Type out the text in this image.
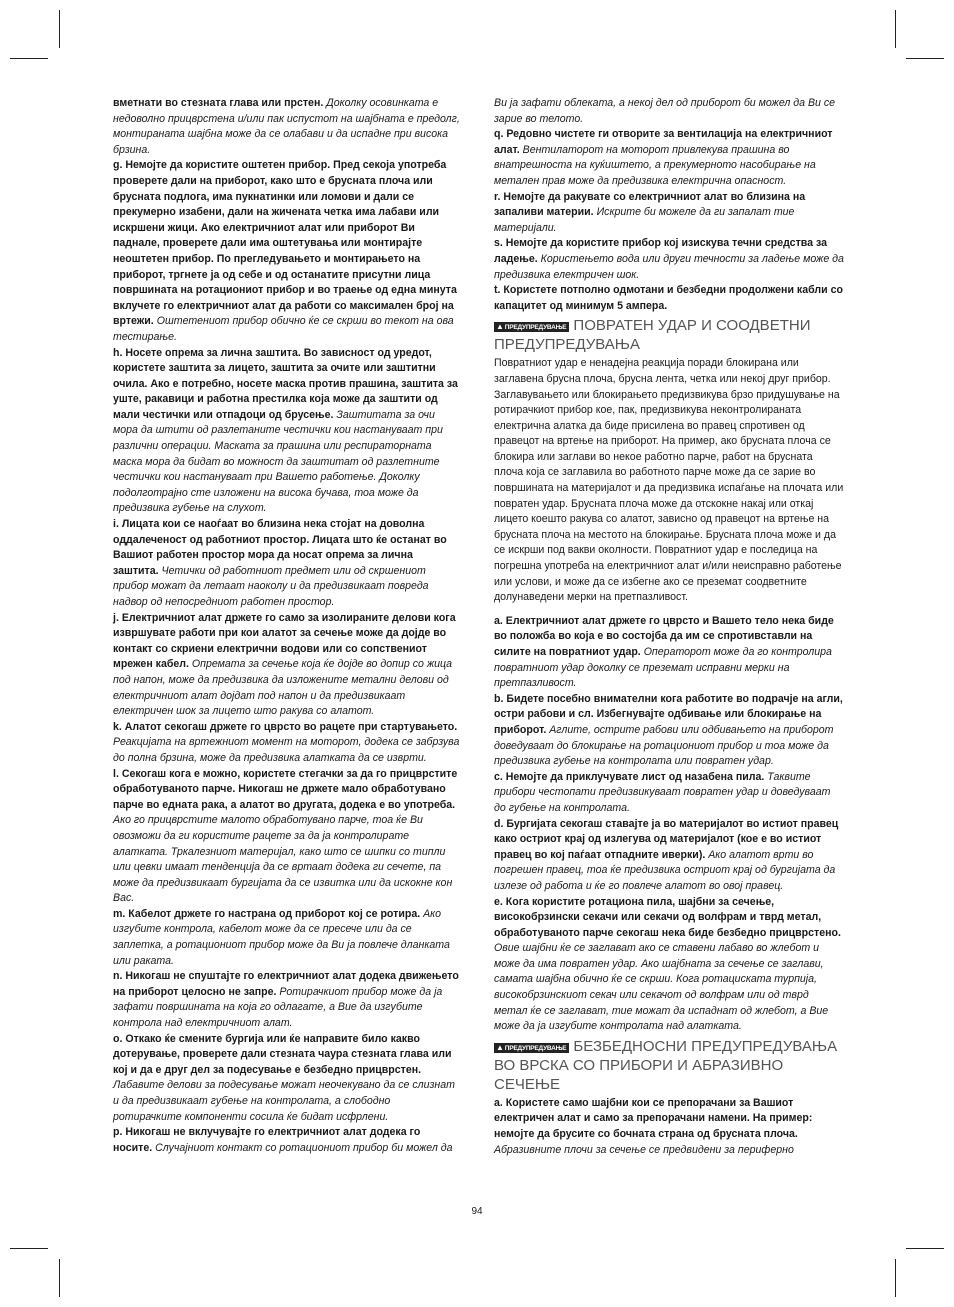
вметнати во стезната глава или прстен. Доколку осовинката е недоволно прицврстена и/или пак испустот на шајбната е предолг, монтираната шајбна може да се олабави и да испадне при висока брзина.

g. Немојте да користите оштетен прибор. Пред секоја употреба проверете дали на приборот, како што е брусната плоча или брусната подлога, има пукнатинки или ломови и дали се прекумерно изабени, дали на жичената четка има лабави или искршени жици. Ако електричниот алат или приборот Ви падналe, проверете дали има оштетувања или монтирајте неоштетен прибор. По прегледувањето и монтирањето на приборот, тргнете ја од себе и од останатите присутни лица површината на ротациониот прибор и во траење од една минута вклучете го електричниот алат да работи со максимален број на вртежи. Оштетениот прибор обично ќе се скрши во текот на ова тестирање.

h. Носете опрема за лична заштита. Во зависност од уредот, користете заштита за лицето, заштита за очите или заштитни очила. Ако е потребно, носете маска против прашина, заштита за уште, ракавици и работна престилка која може да заштити од мали честички или отпадоци од брусење. Заштитата за очи мора да штити од разлетаните честички кои настануваат при различни операции. Маската за прашина или респираторната маска мора да бидат во можност да заштитат од разлетните честички кои настануваат при Вашето работење. Доколку подолготрајно сте изложени на висока бучава, тоа може да предизвика губење на слухот.

i. Лицата кои се наоѓаат во близина нека стојат на доволна оддалеченост од работниот простор. Лицата што ќе останат во Вашиот работен простор мора да носат опрема за лична заштита. Четички од работниот предмет или од скршениот прибор можат да летаат наоколу и да предизвикаат повреда надвор од непосредниот работен простор.

j. Електричниот алат држете го само за изолираните делови кога извршувате работи при кои алатот за сечење може да дојде во контакт со скриени електрични водови или со сопствениот мрежен кабел. Опремата за сечење која ќе дојде во допир со жица под напон, може да предизвика да изложените метални делови од електричниот алат дојдат под напон и да предизвикаат електричен шок за лицето што ракува со алатот.

k. Алатот секогаш држете го цврсто во рацете при стартувањето. Реакцијата на вртежниот момент на моторот, додека се забрзува до полна брзина, може да предизвика алатката да се изврти.

l. Секогаш кога е можно, користете стегачки за да го прицврстите обработуваното парче. Никогаш не држете мало обработувано парче во едната рака, а алатот во другата, додека е во употреба. Ако го прицврстите малото обработувано парче, тоа ќе Ви овозможи да ги користите рацете за да ја контролирате алатката. Тркалезниот материјал, како што се шипки со типли или цевки имаат тенденција да се вртаат додека ги сечете, па може да предизвикаат бургијата да се извитка или да искокне кон Вас.

m. Кабелот држете го настрана од приборот кој се ротира. Ако изгубите контрола, кабелот може да се пресече или да се заплетка, а ротациониот прибор може да Ви ја повлече дланката или раката.

n. Никогаш не спуштајте го електричниот алат додека движењето на приборот целосно не запре. Ротирачкиот прибор може да ја зафати површината на која го одлагате, а Вие да изгубите контрола над електричниот алат.

o. Откако ќе смените бургија или ќе направите било какво дотерување, проверете дали стезната чаура стезната глава или кој и да е друг дел за подесување е безбедно прицврстен. Лабавите делови за подесување можат неочекувано да се слизнат и да предизвикаат губење на контролата, а слободно ротирачките компоненти сосила ќе бидат исфрлени.

p. Никогаш не вклучувајте го електричниот алат додека го носите. Случајниот контакт со ротациониот прибор би можел да

Ви ја зафати облеката, а некој дел од приборот би можел да Ви се зарие во телото.

q. Редовно чистете ги отворите за вентилација на електричниот алат. Вентилаторот на моторот привлекува прашина во внатрешноста на куќиштето, а прекумерното насобирање на метален прав може да предизвика електрична опасност.

r. Немојте да ракувате со електричниот алат во близина на запаливи материи. Искрите би можеле да ги запалат тие материјали.

s. Немојте да користите прибор кој изискува течни средства за ладење. Користењето вода или други течности за ладење може да предизвика електричен шок.

t. Користете потполно одмотани и безбедни продолжени кабли со капацитет од минимум 5 ампера.

▲ПРЕДУПРЕДУВАЊЕ ПОВРАТЕН УДАР И СООДВЕТНИ ПРЕДУПРЕДУВАЊА

Повратниот удар е ненадејна реакција поради блокирана или заглавена брусна плоча, брусна лента, четка или некој друг прибор. Заглавувањето или блокирањето предизвикува брзо придушување на ротирачкиот прибор кое, пак, предизвикува неконтролираната електрична алатка да биде присилена во правец спротивен од правецот на вртење на приборот. На пример, ако брусната плоча се блокира или заглави во некое работно парче, работ на брусната плоча која се заглавила во работното парче може да се зарие во површината на материјалот и да предизвика испаѓање на плочата или повратен удар. Брусната плоча може да отскокне накај или откај лицето коешто ракува со алатот, зависно од правецот на вртење на брусната плоча на местото на блокирање. Брусната плоча може и да се искрши под вакви околности. Повратниот удар е последица на погрешна употреба на електричниот алат и/или неисправно работење или услови, и може да се избегне ако се преземат соодветните долунаведени мерки на претпазливост.

a. Електричниот алат држете го цврсто и Вашето тело нека биде во положба во која е во состојба да им се спротивставли на силите на повратниот удар. Операторот може да го контролира повратниот удар доколку се преземат исправни мерки на претпазливост.

b. Бидете посебно внимателни кога работите во подрачје на агли, остри рабови и сл. Избегнувајте одбивање или блокирање на приборот. Аглите, острите рабови или одбивањето на приборот доведуваат до блокирање на ротациониот прибор и тоа може да предизвика губење на контролата или повратен удар.

c. Немојте да приклучувате лист од назабена пила. Таквите прибори честопати предизвикуваат повратен удар и доведуваат до губење на контролата.

d. Бургијата секогаш ставајте ја во материјалот во истиот правец како остриот крај од излегува од материјалот (кое е во истиот правец во кој паѓаат отпаднитe иверки). Ако алатот врти во погрешен правец, тоа ќе предизвика остриот крај од бургијата да излезе од работа и ќе го повлече алатот во овој правец.

e. Кога користите ротациона пила, шајбни за сечење, високобрзински секачи или секачи од волфрам и тврд метал, обработуваното парче секогаш нека биде безбедно прицврстено. Овие шајбни ќе се заглават ако се ставени лабаво во жлебот и може да има повратен удар. Ако шајбната за сечење се заглави, самата шајбна обично ќе се скрши. Кога ротациската турпија, високобрзинскиот секач или секачот од волфрам или од тврд метал ќе се заглават, тие можат да испаднат од жлебот, а Вие може да ја изгубите контролата над алатката.

▲ПРЕДУПРЕДУВАЊЕ БЕЗБЕДНОСНИ ПРЕДУПРЕДУВАЊА ВО ВРСКА СО ПРИБОРИ И АБРАЗИВНО СЕЧЕЊЕ

a. Користете само шајбни кои се препорачани за Вашиот електричен алат и само за препорачани намени. На пример: немојте да брусите со бочната страна од брусната плоча. Абразивните плочи за сечење се предвидени за периферно

94
